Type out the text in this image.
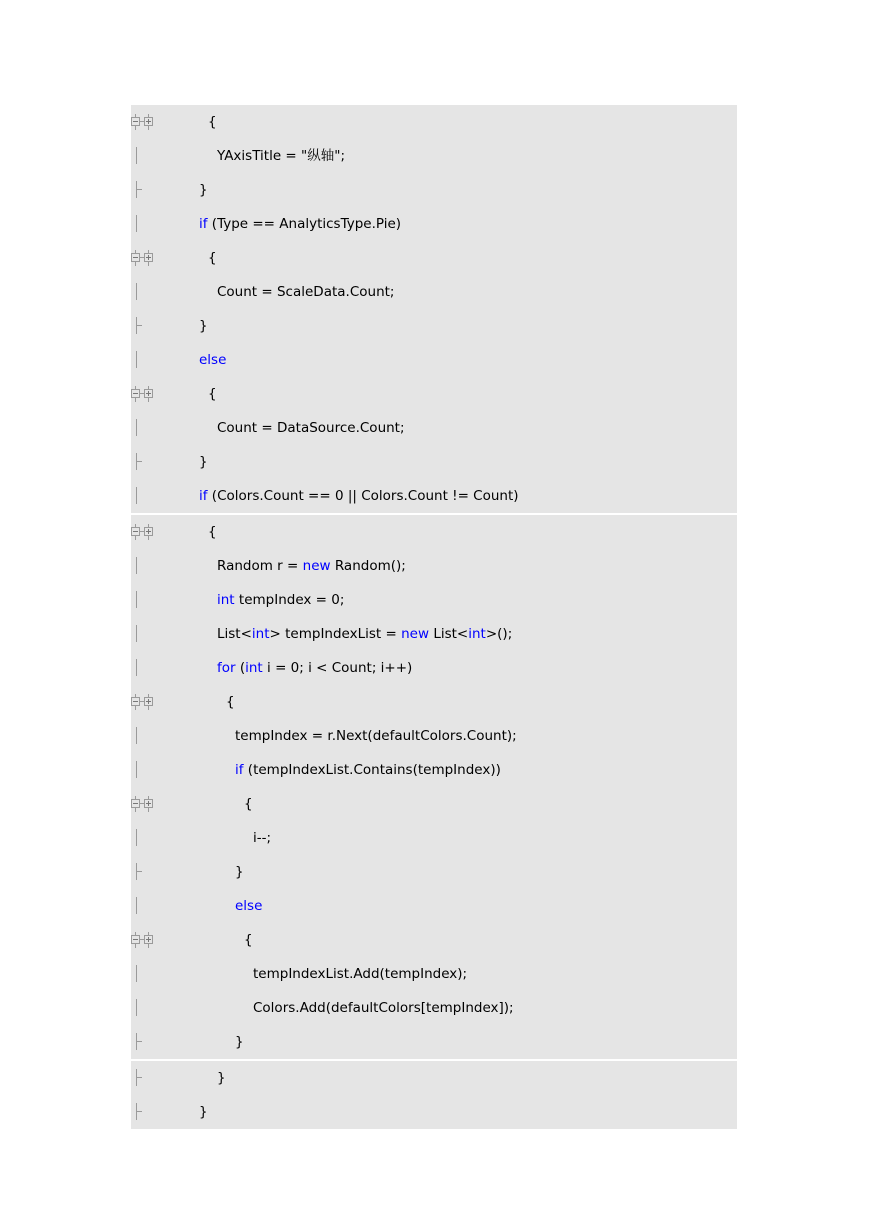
{
YAxisTitle = "纵轴";
}
if (Type == AnalyticsType.Pie)
{
Count = ScaleData.Count;
}
else
{
Count = DataSource.Count;
}
if (Colors.Count == 0 || Colors.Count != Count)
{
Random r = new Random();
int tempIndex = 0;
List<int> tempIndexList = new List<int>();
for (int i = 0; i < Count; i++)
{
tempIndex = r.Next(defaultColors.Count);
if (tempIndexList.Contains(tempIndex))
{
i--;
}
else
{
tempIndexList.Add(tempIndex);
Colors.Add(defaultColors[tempIndex]);
}
}
}
